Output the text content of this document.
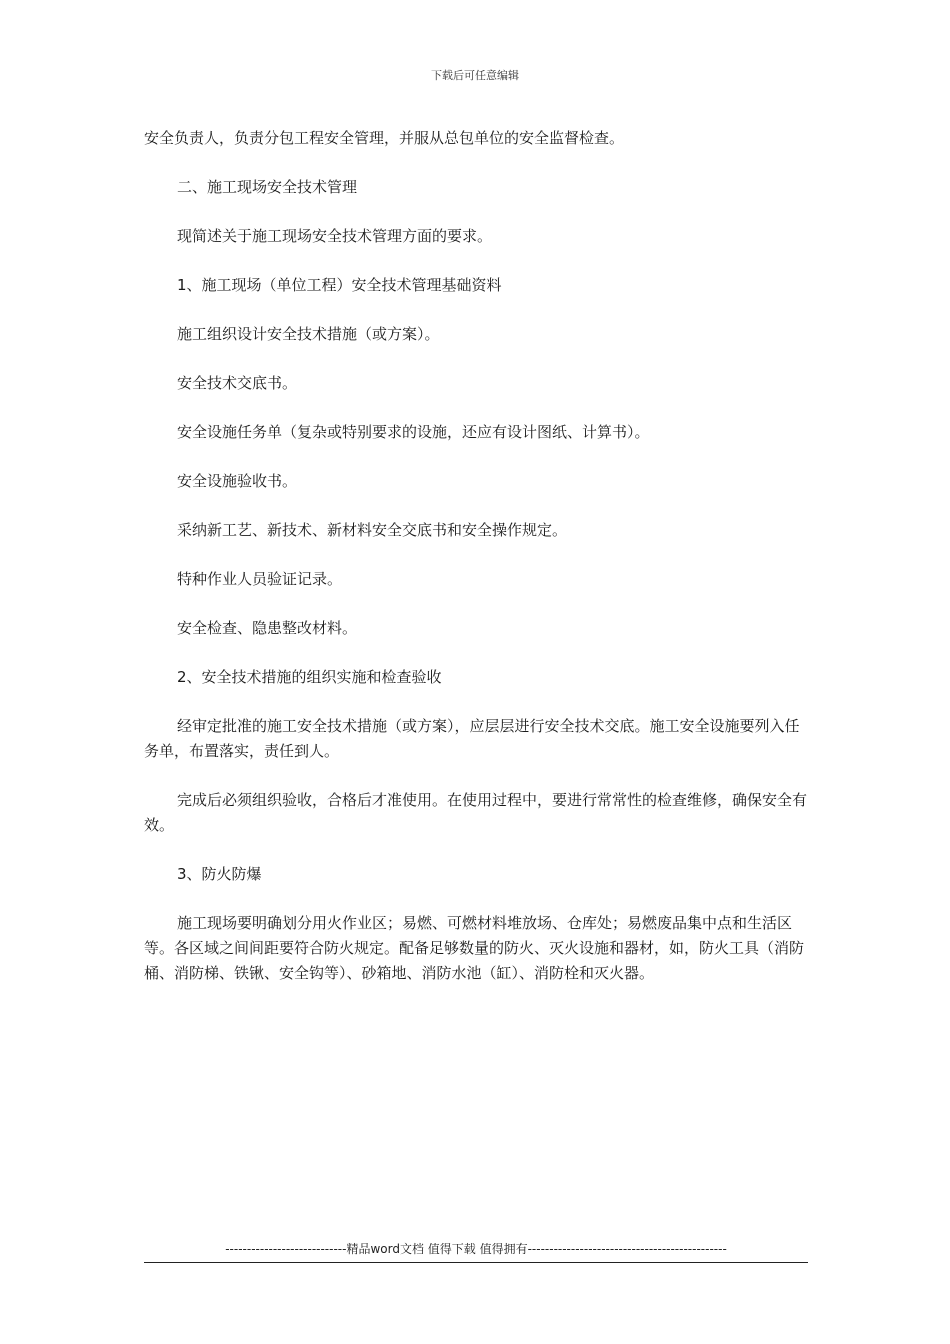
下载后可任意编辑

安全负责人，负责分包工程安全管理，并服从总包单位的安全监督检查。

二、施工现场安全技术管理

现简述关于施工现场安全技术管理方面的要求。

1、施工现场（单位工程）安全技术管理基础资料

施工组织设计安全技术措施（或方案）。

安全技术交底书。

安全设施任务单（复杂或特别要求的设施，还应有设计图纸、计算书）。

安全设施验收书。

采纳新工艺、新技术、新材料安全交底书和安全操作规定。

特种作业人员验证记录。

安全检查、隐患整改材料。

2、安全技术措施的组织实施和检查验收

经审定批准的施工安全技术措施（或方案），应层层进行安全技术交底。施工安全设施要列入任务单，布置落实，责任到人。

完成后必须组织验收，合格后才准使用。在使用过程中，要进行常常性的检查维修，确保安全有效。

3、防火防爆

施工现场要明确划分用火作业区；易燃、可燃材料堆放场、仓库处；易燃废品集中点和生活区等。各区域之间间距要符合防火规定。配备足够数量的防火、灭火设施和器材，如，防火工具（消防桶、消防梯、铁锹、安全钩等）、砂箱地、消防水池（缸）、消防栓和灭火器。

----------------------------精品word文档 值得下载 值得拥有----------------------------------------------
